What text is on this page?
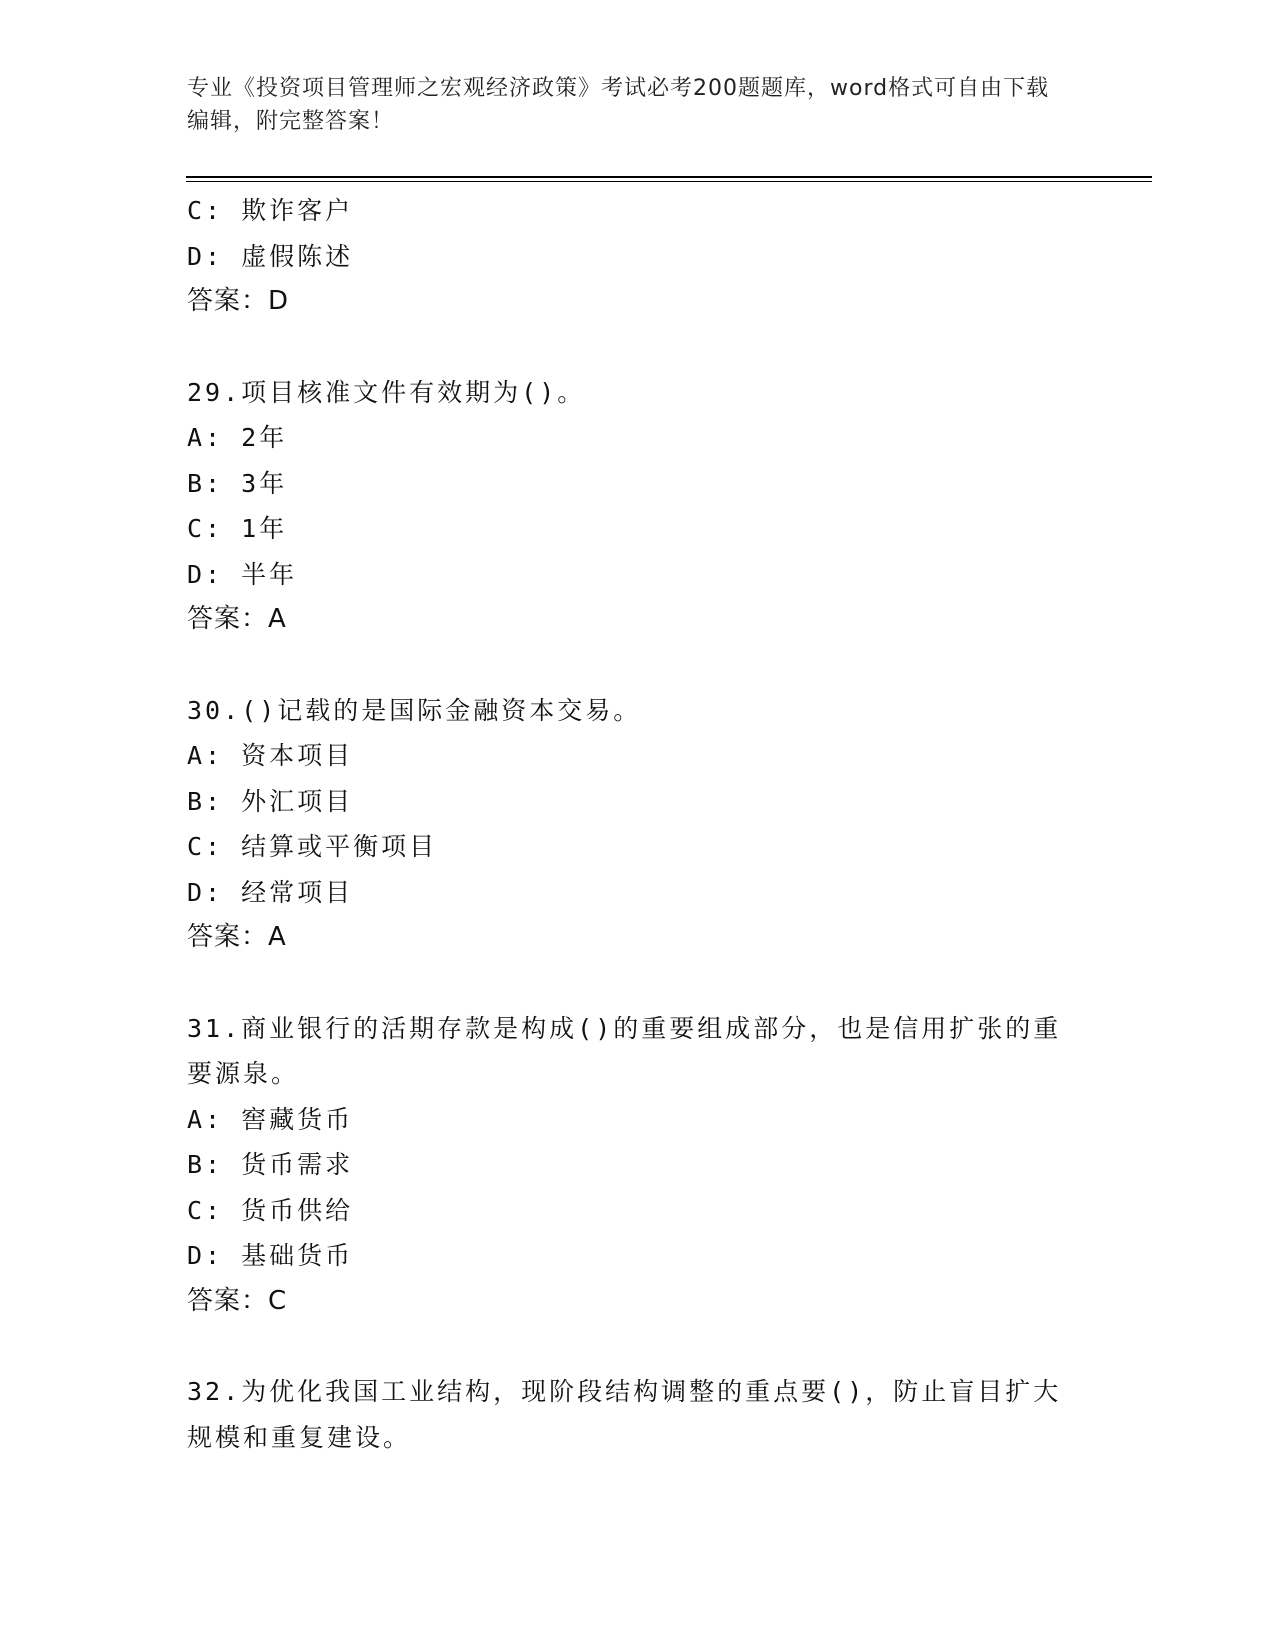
专业《投资项目管理师之宏观经济政策》考试必考200题题库，word格式可自由下载编辑，附完整答案！
C: 欺诈客户
D: 虚假陈述
答案：D
29.项目核准文件有效期为()。
A: 2年
B: 3年
C: 1年
D: 半年
答案：A
30.()记载的是国际金融资本交易。
A: 资本项目
B: 外汇项目
C: 结算或平衡项目
D: 经常项目
答案：A
31.商业银行的活期存款是构成()的重要组成部分，也是信用扩张的重要源泉。
A: 窖藏货币
B: 货币需求
C: 货币供给
D: 基础货币
答案：C
32.为优化我国工业结构，现阶段结构调整的重点要()，防止盲目扩大规模和重复建设。
